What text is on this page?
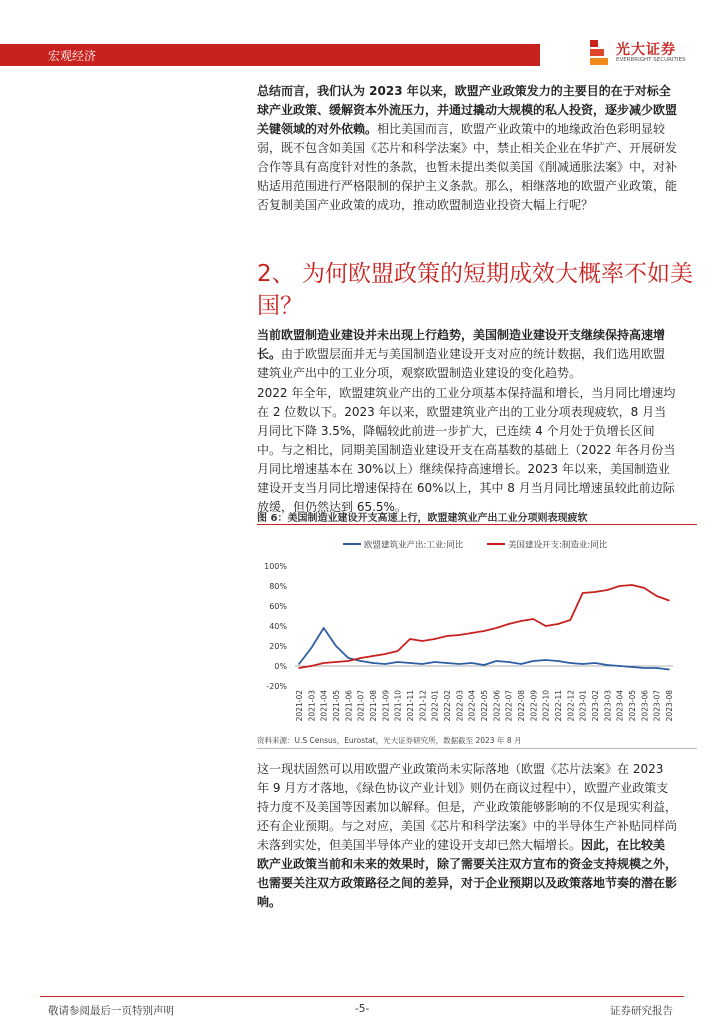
宏观经济	光大证券
EVERBRIGHT SECURITIES

总结而言，我们认为 2023 年以来，欧盟产业政策发力的主要目的在于对标全球产业政策、缓解资本外流压力，并通过撬动大规模的私人投资，逐步减少欧盟关键领域的对外依赖。相比美国而言，欧盟产业政策中的地缘政治色彩明显较弱，既不包含如美国《芯片和科学法案》中，禁止相关企业在华扩产、开展研发合作等具有高度针对性的条款，也暂未提出类似美国《削减通胀法案》中，对补贴适用范围进行严格限制的保护主义条款。那么，相继落地的欧盟产业政策，能否复制美国产业政策的成功，推动欧盟制造业投资大幅上行呢？

2、 为何欧盟政策的短期成效大概率不如美国？

当前欧盟制造业建设并未出现上行趋势，美国制造业建设开支继续保持高速增长。由于欧盟层面并无与美国制造业建设开支对应的统计数据，我们选用欧盟建筑业产出中的工业分项，观察欧盟制造业建设的变化趋势。

2022 年全年，欧盟建筑业产出的工业分项基本保持温和增长，当月同比增速均在 2 位数以下。2023 年以来，欧盟建筑业产出的工业分项表现疲软，8 月当月同比下降 3.5%，降幅较此前进一步扩大，已连续 4 个月处于负增长区间中。与之相比，同期美国制造业建设开支在高基数的基础上（2022 年各月份当月同比增速基本在 30%以上）继续保持高速增长。2023 年以来，美国制造业建设开支当月同比增速保持在 60%以上，其中 8 月当月同比增速虽较此前边际放缓，但仍然达到 65.5%。

图 6：美国制造业建设开支高速上行，欧盟建筑业产出工业分项则表现疲软
欧盟建筑业产出:工业:同比	美国建设开支:制造业:同比
100%
80%
60%
40%
20%
0%
-20%
2021-02 2021-03 2021-04 2021-05 2021-06 2021-07 2021-08 2021-09 2021-10 2021-11 2021-12 2022-01 2022-02 2022-03 2022-04 2022-05 2022-06 2022-07 2022-08 2022-09 2022-10 2022-11 2022-12 2023-01 2023-02 2023-03 2023-04 2023-05 2023-06 2023-07 2023-08
资料来源：U.S Census，Eurostat，光大证券研究所，数据截至 2023 年 8 月

这一现状固然可以用欧盟产业政策尚未实际落地（欧盟《芯片法案》在 2023 年 9 月方才落地，《绿色协议产业计划》则仍在商议过程中），欧盟产业政策支持力度不及美国等因素加以解释。但是，产业政策能够影响的不仅是现实利益，还有企业预期。与之对应，美国《芯片和科学法案》中的半导体生产补贴同样尚未落到实处，但美国半导体产业的建设开支却已然大幅增长。因此，在比较美欧产业政策当前和未来的效果时，除了需要关注双方宣布的资金支持规模之外，也需要关注双方政策路径之间的差异，对于企业预期以及政策落地节奏的潜在影响。

敬请参阅最后一页特别声明	-5-	证券研究报告
